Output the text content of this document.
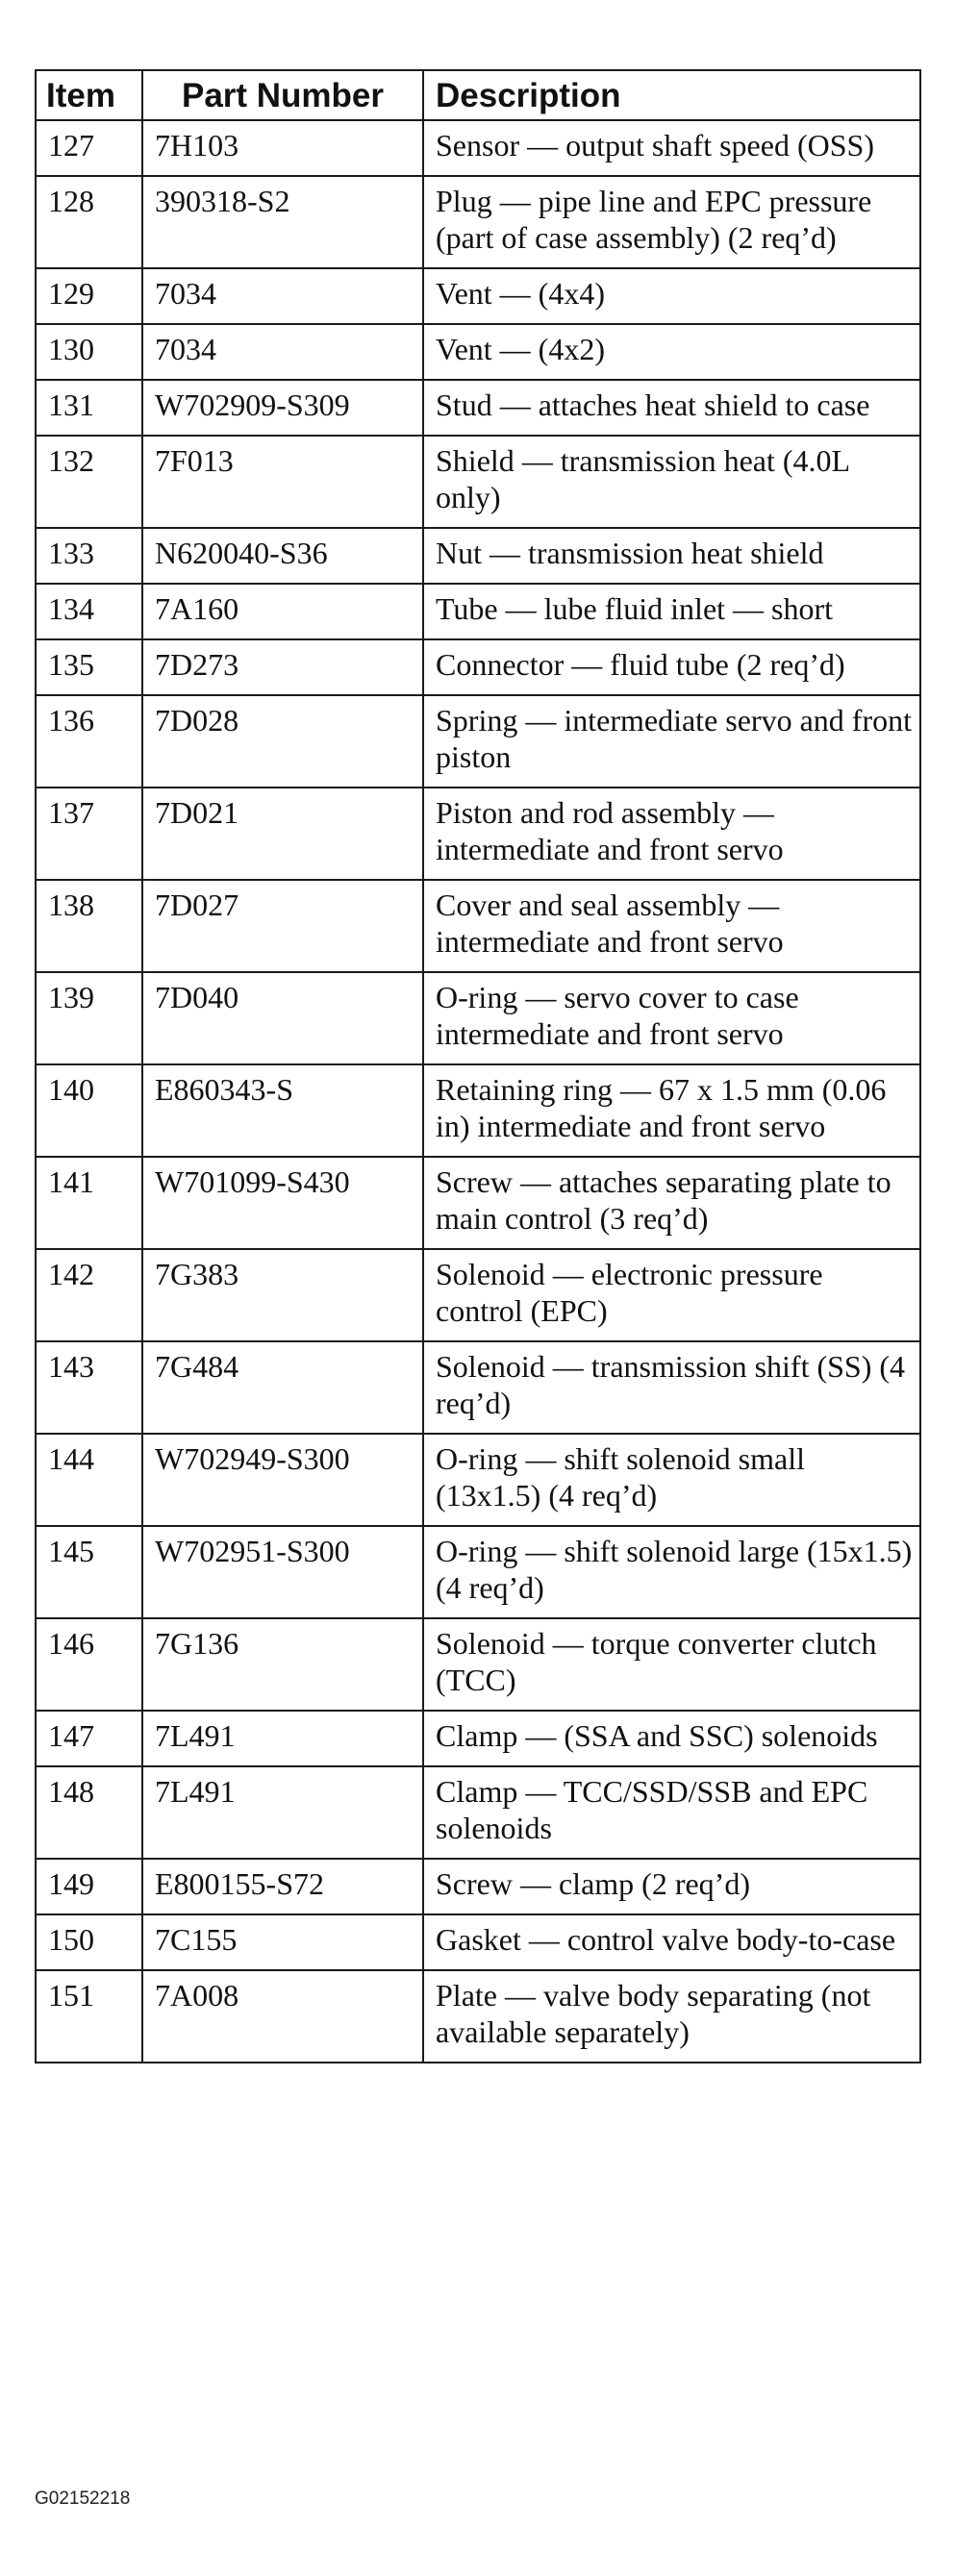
Item	Part Number	Description
127	7H103	Sensor — output shaft speed (OSS)
128	390318-S2	Plug — pipe line and EPC pressure (part of case assembly) (2 req’d)
129	7034	Vent — (4x4)
130	7034	Vent — (4x2)
131	W702909-S309	Stud — attaches heat shield to case
132	7F013	Shield — transmission heat (4.0L only)
133	N620040-S36	Nut — transmission heat shield
134	7A160	Tube — lube fluid inlet — short
135	7D273	Connector — fluid tube (2 req’d)
136	7D028	Spring — intermediate servo and front piston
137	7D021	Piston and rod assembly — intermediate and front servo
138	7D027	Cover and seal assembly — intermediate and front servo
139	7D040	O-ring — servo cover to case intermediate and front servo
140	E860343-S	Retaining ring — 67 x 1.5 mm (0.06 in) intermediate and front servo
141	W701099-S430	Screw — attaches separating plate to main control (3 req’d)
142	7G383	Solenoid — electronic pressure control (EPC)
143	7G484	Solenoid — transmission shift (SS) (4 req’d)
144	W702949-S300	O-ring — shift solenoid small (13x1.5) (4 req’d)
145	W702951-S300	O-ring — shift solenoid large (15x1.5) (4 req’d)
146	7G136	Solenoid — torque converter clutch (TCC)
147	7L491	Clamp — (SSA and SSC) solenoids
148	7L491	Clamp — TCC/SSD/SSB and EPC solenoids
149	E800155-S72	Screw — clamp (2 req’d)
150	7C155	Gasket — control valve body-to-case
151	7A008	Plate — valve body separating (not available separately)
G02152218
